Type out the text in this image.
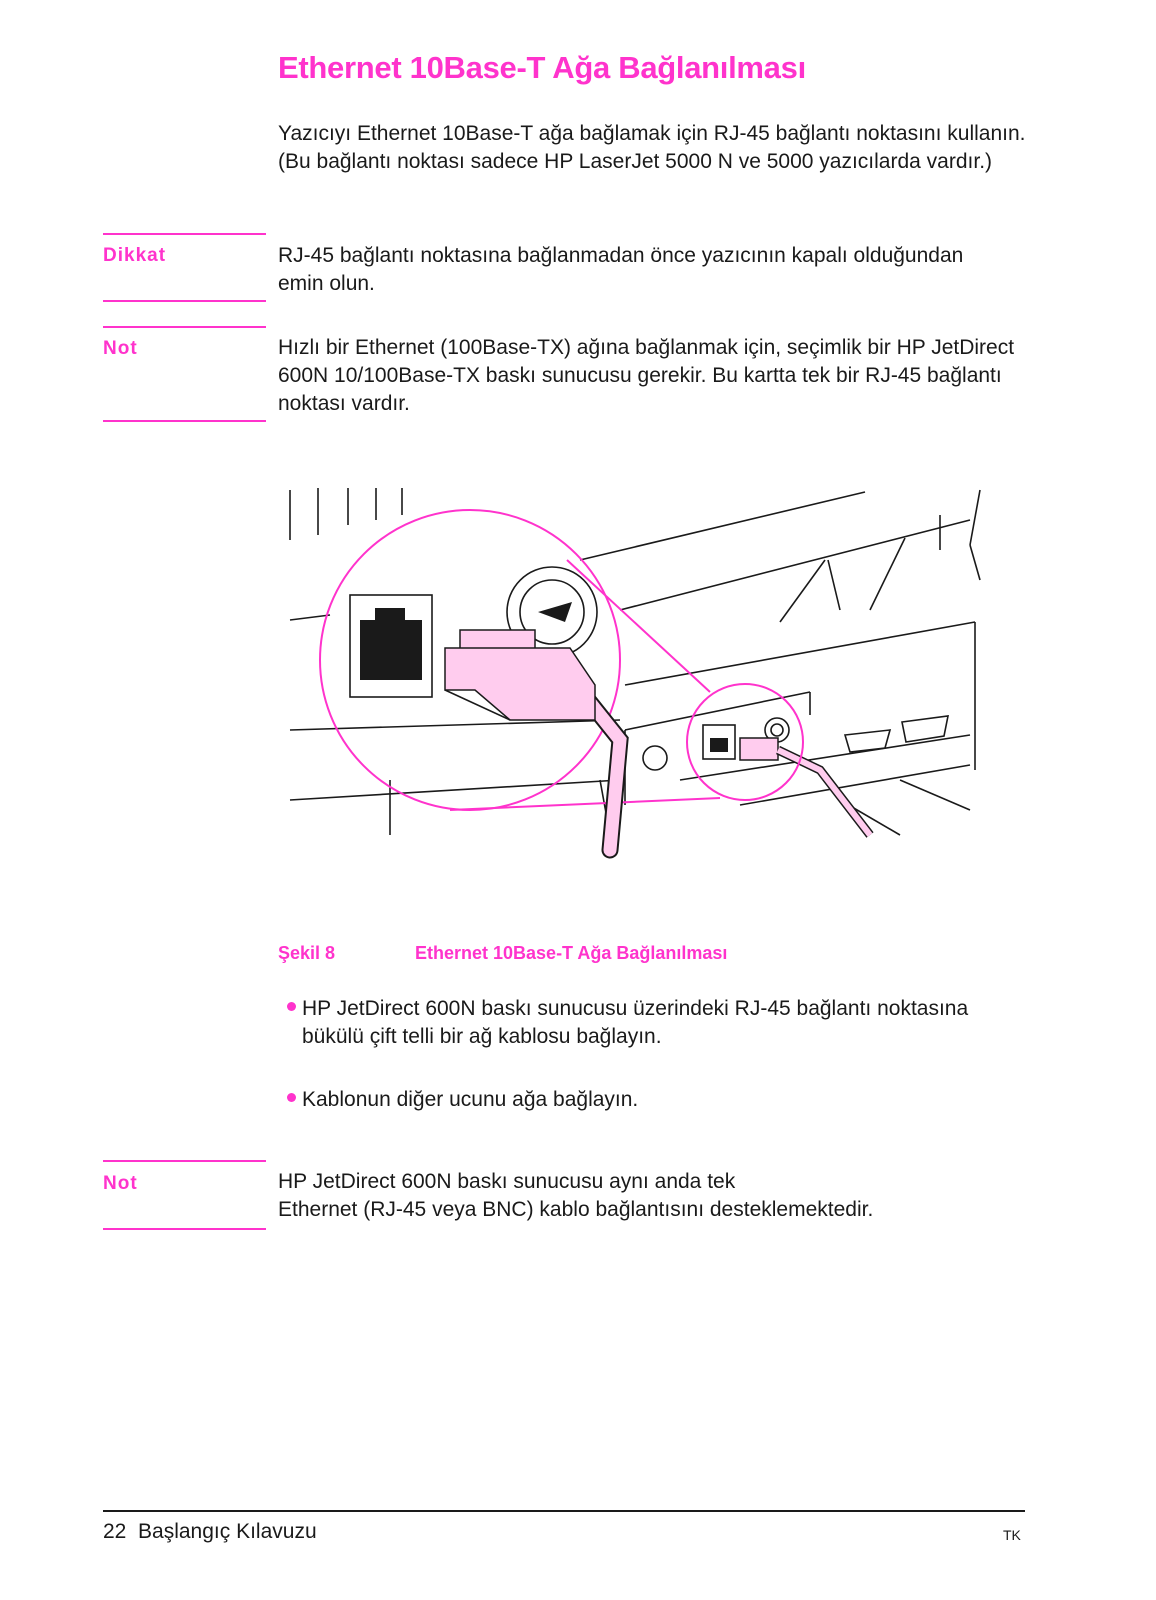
Ethernet 10Base-T Ağa Bağlanılması
Yazıcıyı Ethernet 10Base-T ağa bağlamak için RJ-45 bağlantı noktasını kullanın. (Bu bağlantı noktası sadece HP LaserJet 5000 N ve 5000 yazıcılarda vardır.)
Dikkat	RJ-45 bağlantı noktasına bağlanmadan önce yazıcının kapalı olduğundan emin olun.
Not	Hızlı bir Ethernet (100Base-TX) ağına bağlanmak için, seçimlik bir HP JetDirect 600N 10/100Base-TX baskı sunucusu gerekir. Bu kartta tek bir RJ-45 bağlantı noktası vardır.
Şekil 8	Ethernet 10Base-T Ağa Bağlanılması
HP JetDirect 600N baskı sunucusu üzerindeki RJ-45 bağlantı noktasına bükülü çift telli bir ağ kablosu bağlayın.
Kablonun diğer ucunu ağa bağlayın.
Not	HP JetDirect 600N baskı sunucusu aynı anda tek
Ethernet (RJ-45 veya BNC) kablo bağlantısını desteklemektedir.
22 Başlangıç Kılavuzu	TK
